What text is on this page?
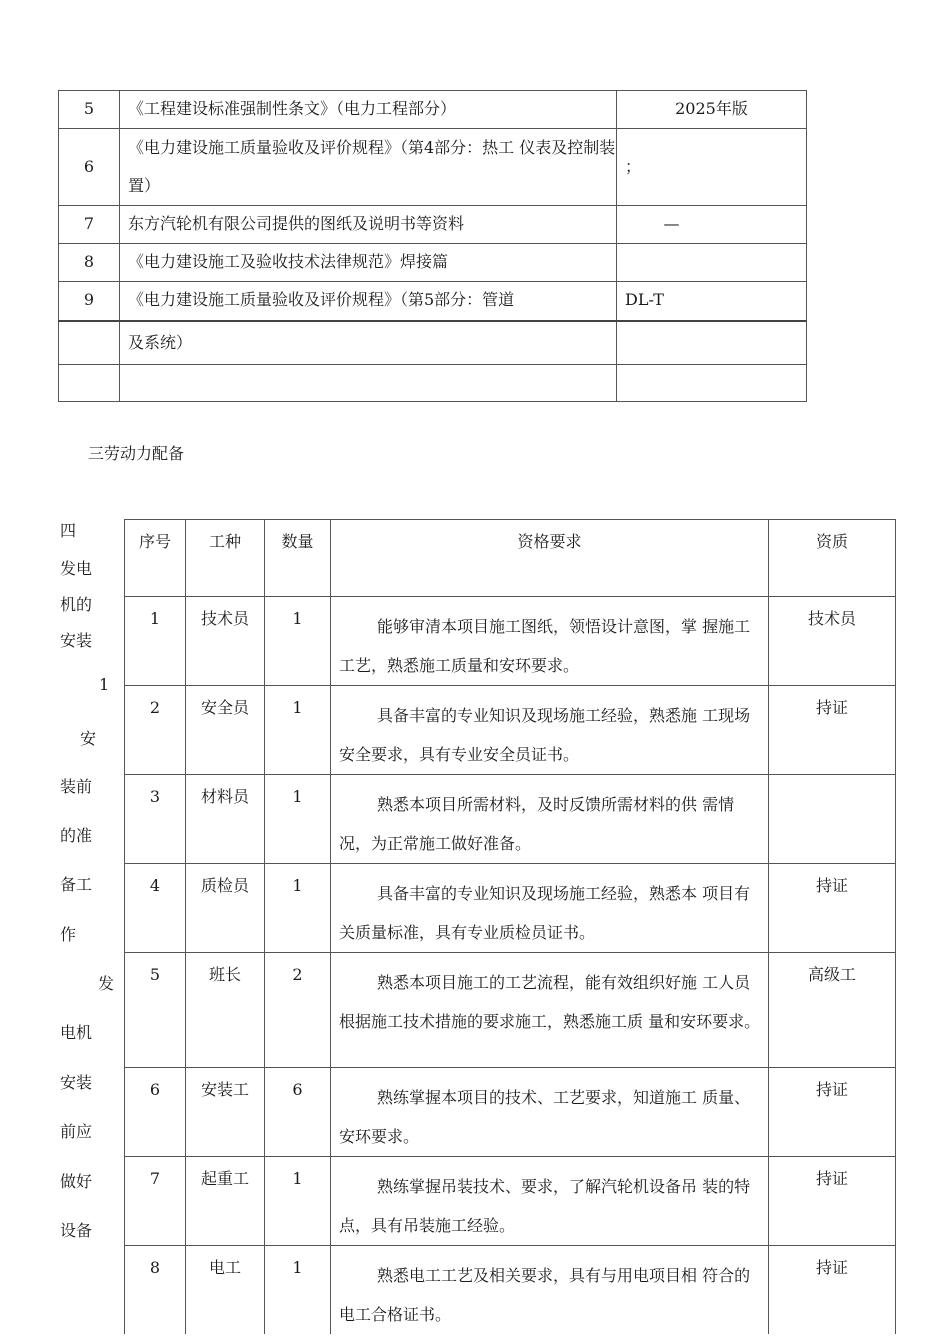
5	《工程建设标准强制性条文》（电力工程部分）	2025年版
6	《电力建设施工质量验收及评价规程》（第4部分：热工 仪表及控制装置）	；
7	东方汽轮机有限公司提供的图纸及说明书等资料	—
8	《电力建设施工及验收技术法律规范》焊接篇	
9	《电力建设施工质量验收及评价规程》（第5部分：管道	DL-T
	及系统）	

三劳动力配备
四
发电
机的
安装
1
安
装前
的准
备工
作
发
电机
安装
前应
做好
设备
序号	工种	数量	资格要求	资质
1	技术员	1	能够审清本项目施工图纸，领悟设计意图，掌 握施工工艺，熟悉施工质量和安环要求。	技术员
2	安全员	1	具备丰富的专业知识及现场施工经验，熟悉施 工现场安全要求，具有专业安全员证书。	持证
3	材料员	1	熟悉本项目所需材料，及时反馈所需材料的供 需情况，为正常施工做好准备。	

4	质检员	1	具备丰富的专业知识及现场施工经验，熟悉本 项目有关质量标准，具有专业质检员证书。	持证
5	班长	2	熟悉本项目施工的工艺流程，能有效组织好施 工人员根据施工技术措施的要求施工，熟悉施工质 量和安环要求。	高级工
6	安装工	6	熟练掌握本项目的技术、工艺要求，知道施工 质量、安环要求。	持证
7	起重工	1	熟练掌握吊装技术、要求，了解汽轮机设备吊 装的特点，具有吊装施工经验。	持证
8	电工	1	熟悉电工工艺及相关要求，具有与用电项目相 符合的电工合格证书。	持证
